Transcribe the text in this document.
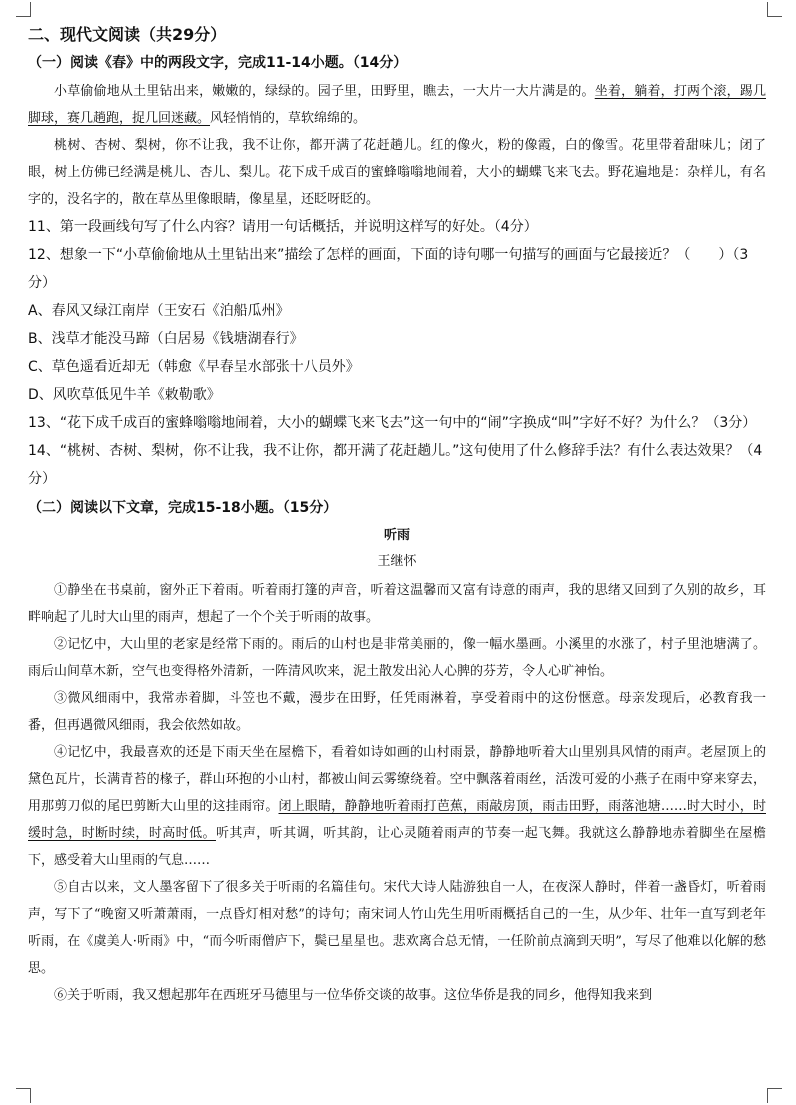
二、现代文阅读（共29分）
（一）阅读《春》中的两段文字，完成11-14小题。（14分）

小草偷偷地从土里钻出来，嫩嫩的，绿绿的。园子里，田野里，瞧去，一大片一大片满是的。坐着，躺着，打两个滚，踢几脚球，赛几趟跑，捉几回迷藏。风轻悄悄的，草软绵绵的。

桃树、杏树、梨树，你不让我，我不让你，都开满了花赶趟儿。红的像火，粉的像霞，白的像雪。花里带着甜味儿；闭了眼，树上仿佛已经满是桃儿、杏儿、梨儿。花下成千成百的蜜蜂嗡嗡地闹着，大小的蝴蝶飞来飞去。野花遍地是：杂样儿，有名字的，没名字的，散在草丛里像眼睛，像星星，还眨呀眨的。

11、第一段画线句写了什么内容？请用一句话概括，并说明这样写的好处。（4分）
12、想象一下“小草偷偷地从土里钻出来”描绘了怎样的画面，下面的诗句哪一句描写的画面与它最接近？（　　）（3分）
A、春风又绿江南岸（王安石《泊船瓜州》
B、浅草才能没马蹄（白居易《钱塘湖春行》
C、草色遥看近却无（韩愈《早春呈水部张十八员外》
D、风吹草低见牛羊《敕勒歌》
13、“花下成千成百的蜜蜂嗡嗡地闹着，大小的蝴蝶飞来飞去”这一句中的“闹”字换成“叫”字好不好？为什么？（3分）
14、“桃树、杏树、梨树，你不让我，我不让你，都开满了花赶趟儿。”这句使用了什么修辞手法？有什么表达效果？（4分）
（二）阅读以下文章，完成15-18小题。（15分）
听雨
王继怀

①静坐在书桌前，窗外正下着雨。听着雨打篷的声音，听着这温馨而又富有诗意的雨声，我的思绪又回到了久别的故乡，耳畔响起了儿时大山里的雨声，想起了一个个关于听雨的故事。

②记忆中，大山里的老家是经常下雨的。雨后的山村也是非常美丽的，像一幅水墨画。小溪里的水涨了，村子里池塘满了。雨后山间草木新，空气也变得格外清新，一阵清风吹来，泥土散发出沁人心脾的芬芳，令人心旷神怡。

③微风细雨中，我常赤着脚，斗笠也不戴，漫步在田野，任凭雨淋着，享受着雨中的这份惬意。母亲发现后，必教育我一番，但再遇微风细雨，我会依然如故。

④记忆中，我最喜欢的还是下雨天坐在屋檐下，看着如诗如画的山村雨景，静静地听着大山里别具风情的雨声。老屋顶上的黛色瓦片，长满青苔的椽子，群山环抱的小山村，都被山间云雾缭绕着。空中飘落着雨丝，活泼可爱的小燕子在雨中穿来穿去，用那剪刀似的尾巴剪断大山里的这挂雨帘。闭上眼睛，静静地听着雨打芭蕉，雨敲房顶，雨击田野，雨落池塘……时大时小，时缓时急，时断时续，时高时低。听其声，听其调，听其韵，让心灵随着雨声的节奏一起飞舞。我就这么静静地赤着脚坐在屋檐下，感受着大山里雨的气息……

⑤自古以来，文人墨客留下了很多关于听雨的名篇佳句。宋代大诗人陆游独自一人，在夜深人静时，伴着一盏昏灯，听着雨声，写下了“晚窗又听萧萧雨，一点昏灯相对愁”的诗句；南宋词人竹山先生用听雨概括自己的一生，从少年、壮年一直写到老年听雨，在《虞美人·听雨》中，“而今听雨僧庐下，鬓已星星也。悲欢离合总无情，一任阶前点滴到天明”，写尽了他难以化解的愁思。

⑥关于听雨，我又想起那年在西班牙马德里与一位华侨交谈的故事。这位华侨是我的同乡，他得知我来到
